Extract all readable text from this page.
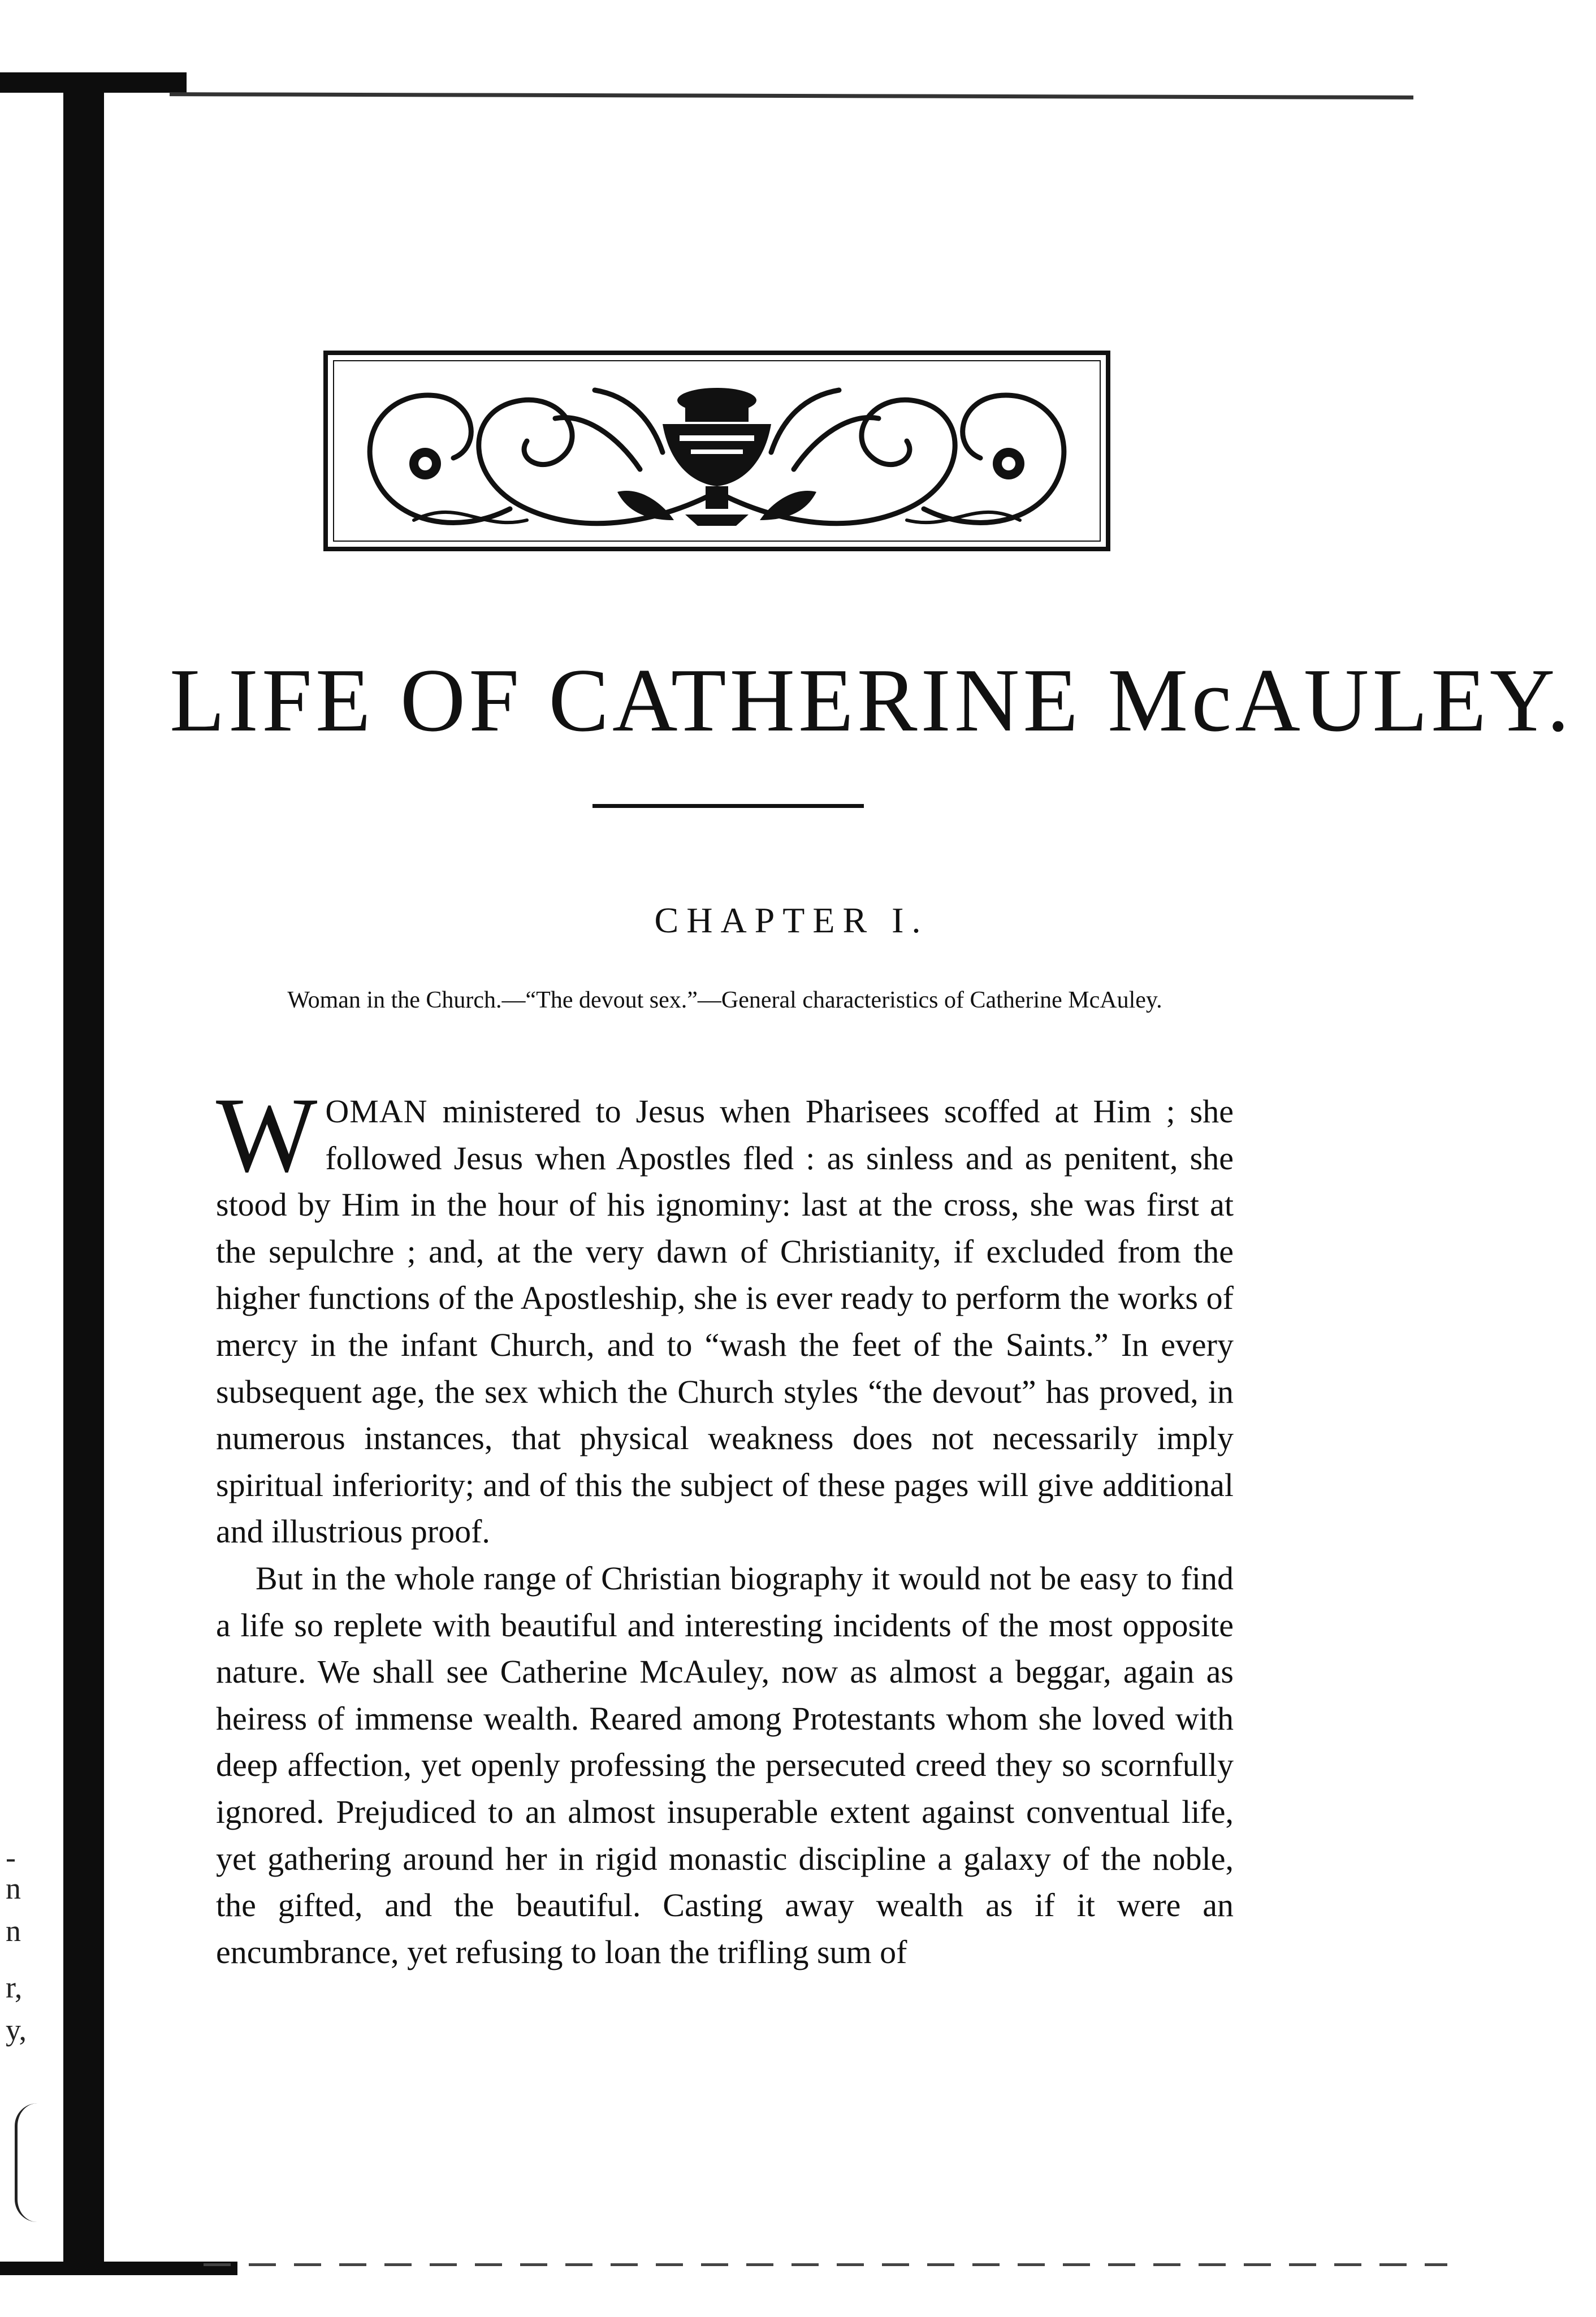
-
n
n
r,
y,
LIFE OF CATHERINE McAULEY.
CHAPTER I.
Woman in the Church.—“The devout sex.”—General characteristics of Catherine McAuley.

WOMAN ministered to Jesus when Pharisees scoffed at Him ; she followed Jesus when Apostles fled : as sinless and as penitent, she stood by Him in the hour of his ignominy: last at the cross, she was first at the sepulchre ; and, at the very dawn of Christianity, if excluded from the higher functions of the Apostleship, she is ever ready to perform the works of mercy in the infant Church, and to “wash the feet of the Saints.” In every subsequent age, the sex which the Church styles “the devout” has proved, in numerous instances, that physical weakness does not necessarily imply spiritual inferiority; and of this the subject of these pages will give additional and illustrious proof.

But in the whole range of Christian biography it would not be easy to find a life so replete with beautiful and interesting incidents of the most opposite nature. We shall see Catherine McAuley, now as almost a beggar, again as heiress of immense wealth. Reared among Protestants whom she loved with deep affection, yet openly professing the persecuted creed they so scornfully ignored. Prejudiced to an almost insuperable extent against conventual life, yet gathering around her in rigid monastic discipline a galaxy of the noble, the gifted, and the beautiful. Casting away wealth as if it were an encumbrance, yet refusing to loan the trifling sum of
